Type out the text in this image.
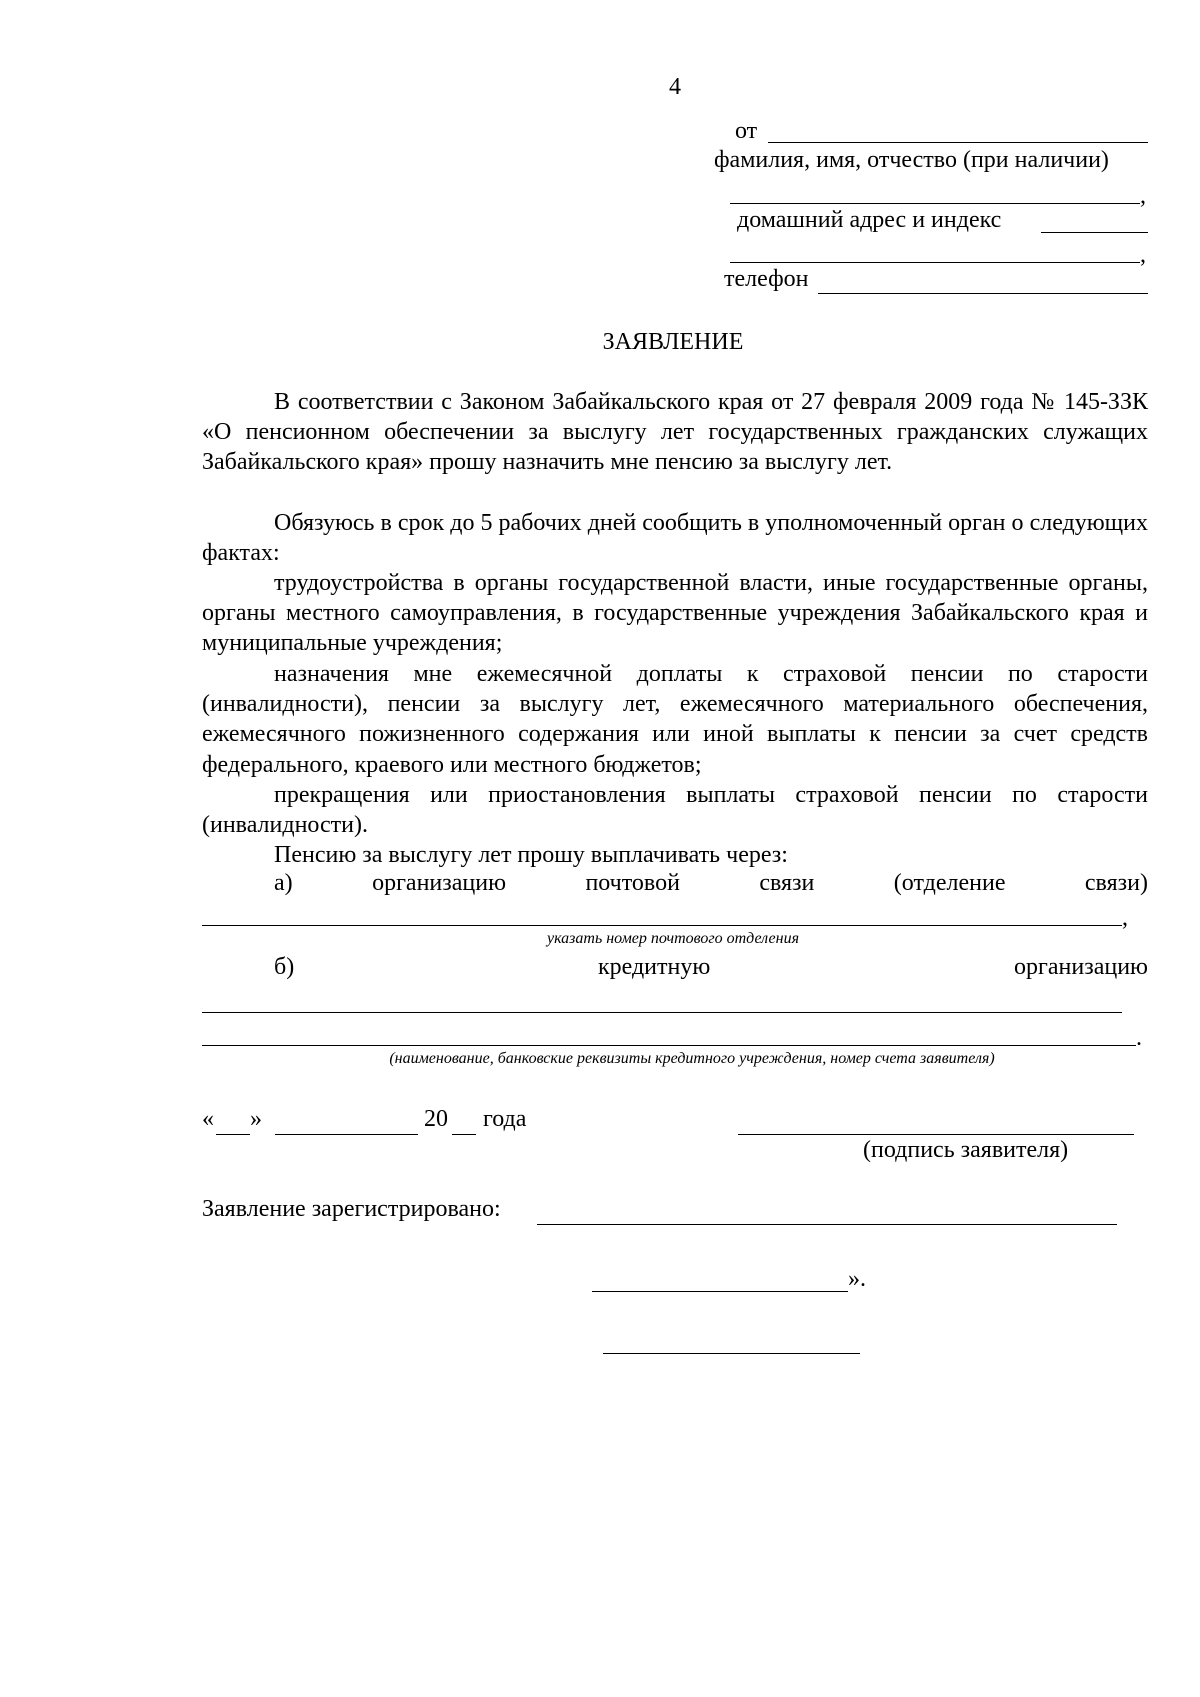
4
от
фамилия, имя, отчество (при наличии)
,
домашний адрес и индекс
,
телефон
ЗАЯВЛЕНИЕ
В соответствии с Законом Забайкальского края от 27 февраля 2009 года № 145-ЗЗК «О пенсионном обеспечении за выслугу лет государственных гражданских служащих Забайкальского края» прошу назначить мне пенсию за выслугу лет.
Обязуюсь в срок до 5 рабочих дней сообщить в уполномоченный орган о следующих фактах:
трудоустройства в органы государственной власти, иные государственные органы, органы местного самоуправления, в государственные учреждения Забайкальского края и муниципальные учреждения;
назначения мне ежемесячной доплаты к страховой пенсии по старости (инвалидности), пенсии за выслугу лет, ежемесячного материального обеспечения, ежемесячного пожизненного содержания или иной выплаты к пенсии за счет средств федерального, краевого или местного бюджетов;
прекращения или приостановления выплаты страховой пенсии по старости (инвалидности).
Пенсию за выслугу лет прошу выплачивать через:
а)	организацию	почтовой	связи	(отделение	связи)
,
указать номер почтового отделения
б)	кредитную	организацию
.
(наименование, банковские реквизиты кредитного учреждения, номер счета заявителя)
« »	20 года
(подпись заявителя)
Заявление зарегистрировано:
».
